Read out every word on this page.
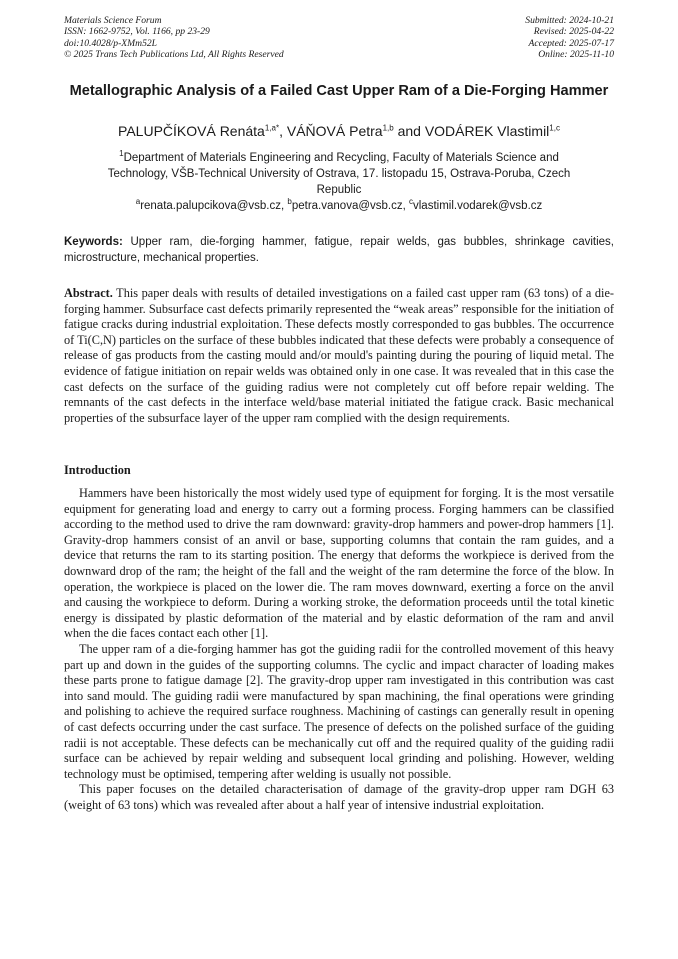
Materials Science Forum
ISSN: 1662-9752, Vol. 1166, pp 23-29
doi:10.4028/p-XMm52L
© 2025 Trans Tech Publications Ltd, All Rights Reserved
Submitted: 2024-10-21
Revised: 2025-04-22
Accepted: 2025-07-17
Online: 2025-11-10
Metallographic Analysis of a Failed Cast Upper Ram of a Die-Forging Hammer
PALUPČÍKOVÁ Renáta$^{1,a*}$, VÁŇOVÁ Petra$^{1,b}$ and VODÁREK Vlastimil$^{1,c}$
$^1$Department of Materials Engineering and Recycling, Faculty of Materials Science and Technology, VŠB-Technical University of Ostrava, 17. listopadu 15, Ostrava-Poruba, Czech Republic
$^a$renata.palupcikova@vsb.cz, $^b$petra.vanova@vsb.cz, $^c$vlastimil.vodarek@vsb.cz
Keywords: Upper ram, die-forging hammer, fatigue, repair welds, gas bubbles, shrinkage cavities, microstructure, mechanical properties.
Abstract. This paper deals with results of detailed investigations on a failed cast upper ram (63 tons) of a die-forging hammer. Subsurface cast defects primarily represented the “weak areas” responsible for the initiation of fatigue cracks during industrial exploitation. These defects mostly corresponded to gas bubbles. The occurrence of Ti(C,N) particles on the surface of these bubbles indicated that these defects were probably a consequence of release of gas products from the casting mould and/or mould's painting during the pouring of liquid metal. The evidence of fatigue initiation on repair welds was obtained only in one case. It was revealed that in this case the cast defects on the surface of the guiding radius were not completely cut off before repair welding. The remnants of the cast defects in the interface weld/base material initiated the fatigue crack. Basic mechanical properties of the subsurface layer of the upper ram complied with the design requirements.
Introduction

Hammers have been historically the most widely used type of equipment for forging. It is the most versatile equipment for generating load and energy to carry out a forming process. Forging hammers can be classified according to the method used to drive the ram downward: gravity-drop hammers and power-drop hammers [1]. Gravity-drop hammers consist of an anvil or base, supporting columns that contain the ram guides, and a device that returns the ram to its starting position. The energy that deforms the workpiece is derived from the downward drop of the ram; the height of the fall and the weight of the ram determine the force of the blow. In operation, the workpiece is placed on the lower die. The ram moves downward, exerting a force on the anvil and causing the workpiece to deform. During a working stroke, the deformation proceeds until the total kinetic energy is dissipated by plastic deformation of the material and by elastic deformation of the ram and anvil when the die faces contact each other [1].

The upper ram of a die-forging hammer has got the guiding radii for the controlled movement of this heavy part up and down in the guides of the supporting columns. The cyclic and impact character of loading makes these parts prone to fatigue damage [2]. The gravity-drop upper ram investigated in this contribution was cast into sand mould. The guiding radii were manufactured by span machining, the final operations were grinding and polishing to achieve the required surface roughness. Machining of castings can generally result in opening of cast defects occurring under the cast surface. The presence of defects on the polished surface of the guiding radii is not acceptable. These defects can be mechanically cut off and the required quality of the guiding radii surface can be achieved by repair welding and subsequent local grinding and polishing. However, welding technology must be optimised, tempering after welding is usually not possible.

This paper focuses on the detailed characterisation of damage of the gravity-drop upper ram DGH 63 (weight of 63 tons) which was revealed after about a half year of intensive industrial exploitation.
